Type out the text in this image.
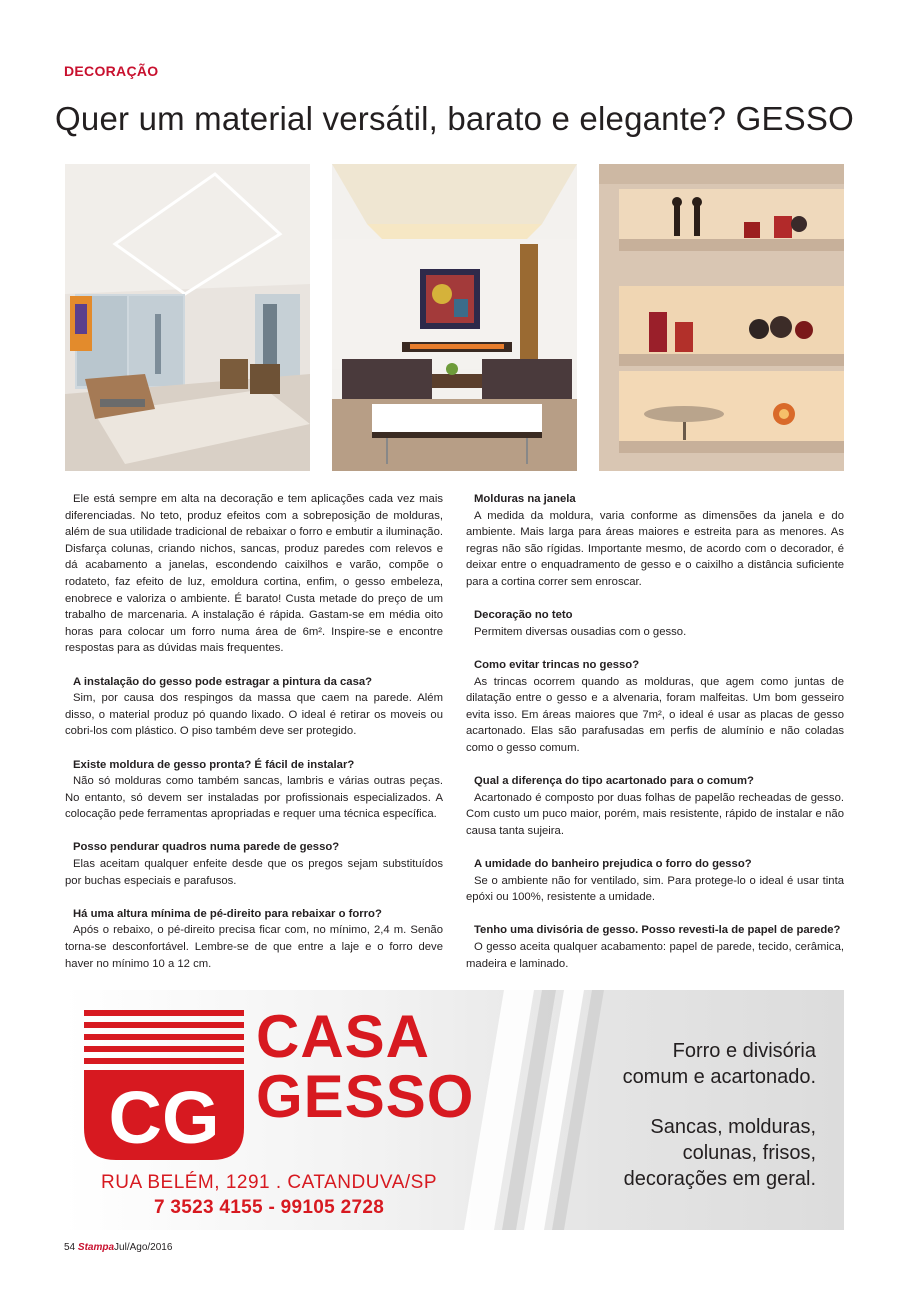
DECORAÇÃO
Quer um material versátil, barato e elegante? GESSO

Ele está sempre em alta na decoração e tem aplicações cada vez mais diferenciadas. No teto, produz efeitos com a sobreposição de molduras, além de sua utilidade tradicional de rebaixar o forro e embutir a iluminação. Disfarça colunas, criando nichos, sancas, produz paredes com relevos e dá acabamento a janelas, escondendo caixilhos e varão, compõe o rodateto, faz efeito de luz, emoldura cortina, enfim, o gesso embeleza, enobrece e valoriza o ambiente. É barato! Custa metade do preço de um trabalho de marcenaria. A instalação é rápida. Gastam-se em média oito horas para colocar um forro numa área de 6m². Inspire-se e encontre respostas para as dúvidas mais frequentes.

A instalação do gesso pode estragar a pintura da casa?

Sim, por causa dos respingos da massa que caem na parede. Além disso, o material produz pó quando lixado. O ideal é retirar os moveis ou cobri-los com plástico. O piso também deve ser protegido.

Existe moldura de gesso pronta? É fácil de instalar?

Não só molduras como também sancas, lambris e várias outras peças. No entanto, só devem ser instaladas por profissionais especializados. A colocação pede ferramentas apropriadas e requer uma técnica específica.

Posso pendurar quadros numa parede de gesso?

Elas aceitam qualquer enfeite desde que os pregos sejam substituídos por buchas especiais e parafusos.

Há uma altura mínima de pé-direito para rebaixar o forro?

Após o rebaixo, o pé-direito precisa ficar com, no mínimo, 2,4 m. Senão torna-se desconfortável. Lembre-se de que entre a laje e o forro deve haver no mínimo 10 a 12 cm.

Molduras na janela

A medida da moldura, varia conforme as dimensões da janela e do ambiente. Mais larga para áreas maiores e estreita para as menores. As regras não são rígidas. Importante mesmo, de acordo com o decorador, é deixar entre o enquadramento de gesso e o caixilho a distância suficiente para a cortina correr sem enroscar.

Decoração no teto

Permitem diversas ousadias com o gesso.

Como evitar trincas no gesso?

As trincas ocorrem quando as molduras, que agem como juntas de dilatação entre o gesso e a alvenaria, foram malfeitas. Um bom gesseiro evita isso. Em áreas maiores que 7m², o ideal é usar as placas de gesso acartonado. Elas são parafusadas em perfis de alumínio e não coladas como o gesso comum.

Qual a diferença do tipo acartonado para o comum?

Acartonado é composto por duas folhas de papelão recheadas de gesso. Com custo um puco maior, porém, mais resistente, rápido de instalar e não causa tanta sujeira.

A umidade do banheiro prejudica o forro do gesso?

Se o ambiente não for ventilado, sim. Para protege-lo o ideal é usar tinta epóxi ou 100%, resistente a umidade.

Tenho uma divisória de gesso. Posso revesti-la de papel de parede?

O gesso aceita qualquer acabamento: papel de parede, tecido, cerâmica, madeira e laminado.

CG
CASA
GESSO
RUA BELÉM, 1291 . CATANDUVA/SP
7 3523 4155 - 99105 2728
Forro e divisória
comum e acartonado.
Sancas, molduras,
colunas, frisos,
decorações em geral.
54 StampaJul/Ago/2016
